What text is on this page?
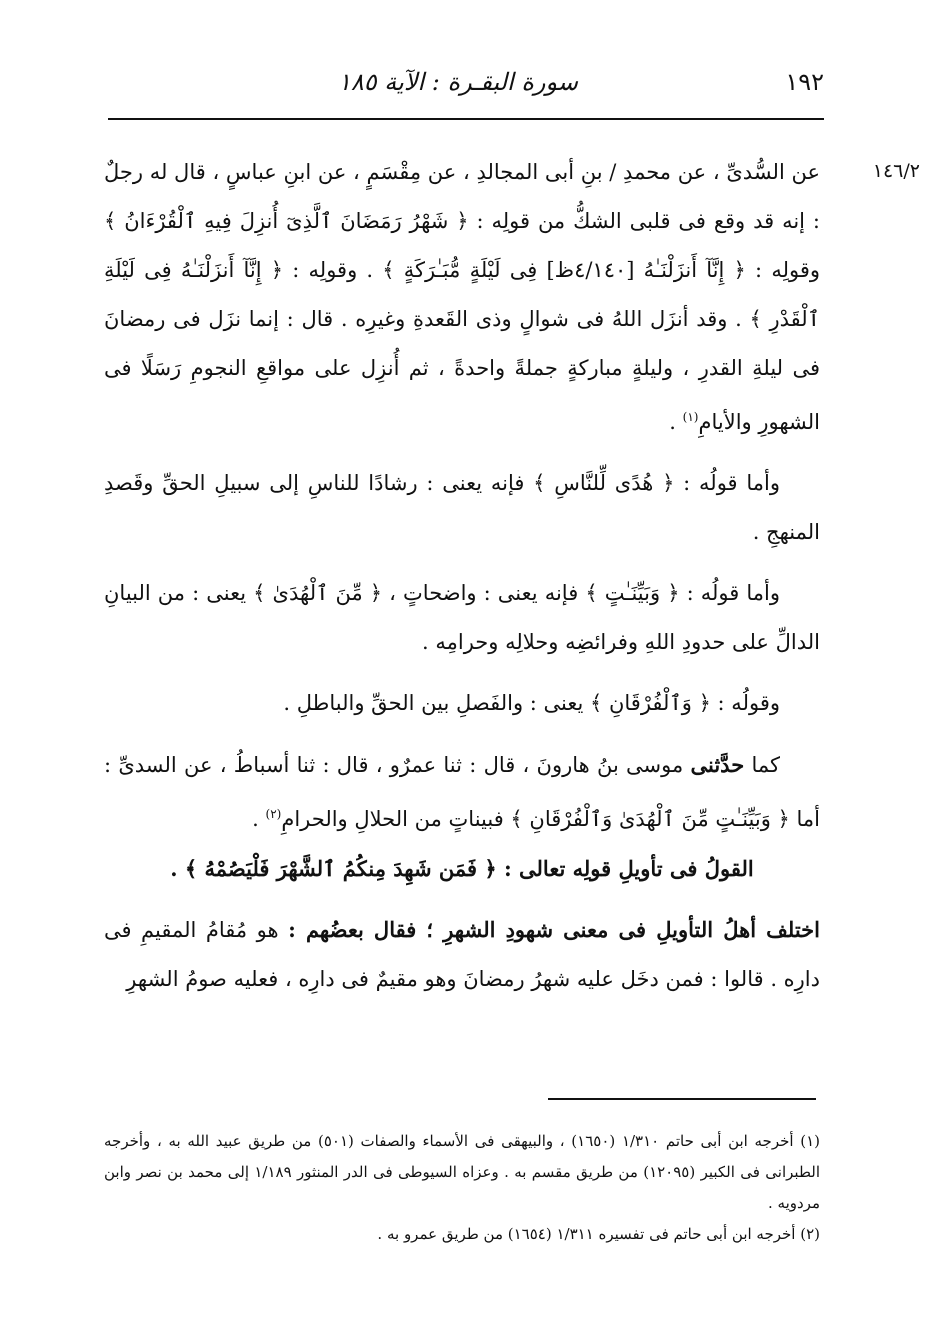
١٩٢
سورة البقـرة : الآية ١٨٥
١٤٦/٢

عن السُّدىِّ ، عن محمدِ / بنِ أبى المجالدِ ، عن مِقْسَمٍ ، عن ابنِ عباسٍ ، قال له رجلٌ : إنه قد وقع فى قلبى الشكُّ من قولِه : ﴿ شَهْرُ رَمَضَانَ ٱلَّذِىٓ أُنزِلَ فِيهِ ٱلْقُرْءَانُ ﴾ وقولِه : ﴿ إِنَّآ أَنزَلْنَـٰهُ [٤/١٤٠ظ] فِى لَيْلَةٍ مُّبَـٰرَكَةٍ ﴾ . وقولِه : ﴿ إِنَّآ أَنزَلْنَـٰهُ فِى لَيْلَةِ ٱلْقَدْرِ ﴾ . وقد أنزَل اللهُ فى شوالٍ وذى القَعدةِ وغيرِه . قال : إنما نزَل فى رمضانَ فى ليلةِ القدرِ ، وليلةٍ مباركةٍ جملةً واحدةً ، ثم أُنزِل على مواقعِ النجومِ رَسَلًا فى الشهورِ والأيامِ$^{(١)}$ .

وأما قولُه : ﴿ هُدًى لِّلنَّاسِ ﴾ فإنه يعنى : رشادًا للناسِ إلى سبيلِ الحقِّ وقَصدِ المنهجِ .

وأما قولُه : ﴿ وَبَيِّنَـٰتٍ ﴾ فإنه يعنى : واضحاتٍ ، ﴿ مِّنَ ٱلْهُدَىٰ ﴾ يعنى : من البيانِ الدالِّ على حدودِ اللهِ وفرائضِه وحلالِه وحرامِه .

وقولُه : ﴿ وَٱلْفُرْقَانِ ﴾ يعنى : والفَصلِ بين الحقِّ والباطلِ .

كما حدَّثنى موسى بنُ هارونَ ، قال : ثنا عمرٌو ، قال : ثنا أسباطُ ، عن السدىِّ : أما ﴿ وَبَيِّنَـٰتٍ مِّنَ ٱلْهُدَىٰ وَٱلْفُرْقَانِ ﴾ فبيناتٍ من الحلالِ والحرامِ$^{(٢)}$ .

القولُ فى تأويلِ قولِه تعالى : ﴿ فَمَن شَهِدَ مِنكُمُ ٱلشَّهْرَ فَلْيَصُمْهُ ﴾ .

اختلف أهلُ التأويلِ فى معنى شهودِ الشهرِ ؛ فقال بعضُهم : هو مُقامُ المقيمِ فى دارِه . قالوا : فمن دخَل عليه شهرُ رمضانَ وهو مقيمٌ فى دارِه ، فعليه صومُ الشهرِ

(١) أخرجه ابن أبى حاتم ١/٣١٠ (١٦٥٠) ، والبيهقى فى الأسماء والصفات (٥٠١) من طريق عبيد الله به ، وأخرجه الطبرانى فى الكبير (١٢٠٩٥) من طريق مقسم به . وعزاه السيوطى فى الدر المنثور ١/١٨٩ إلى محمد بن نصر وابن مردويه .

(٢) أخرجه ابن أبى حاتم فى تفسيره ١/٣١١ (١٦٥٤) من طريق عمرو به .
